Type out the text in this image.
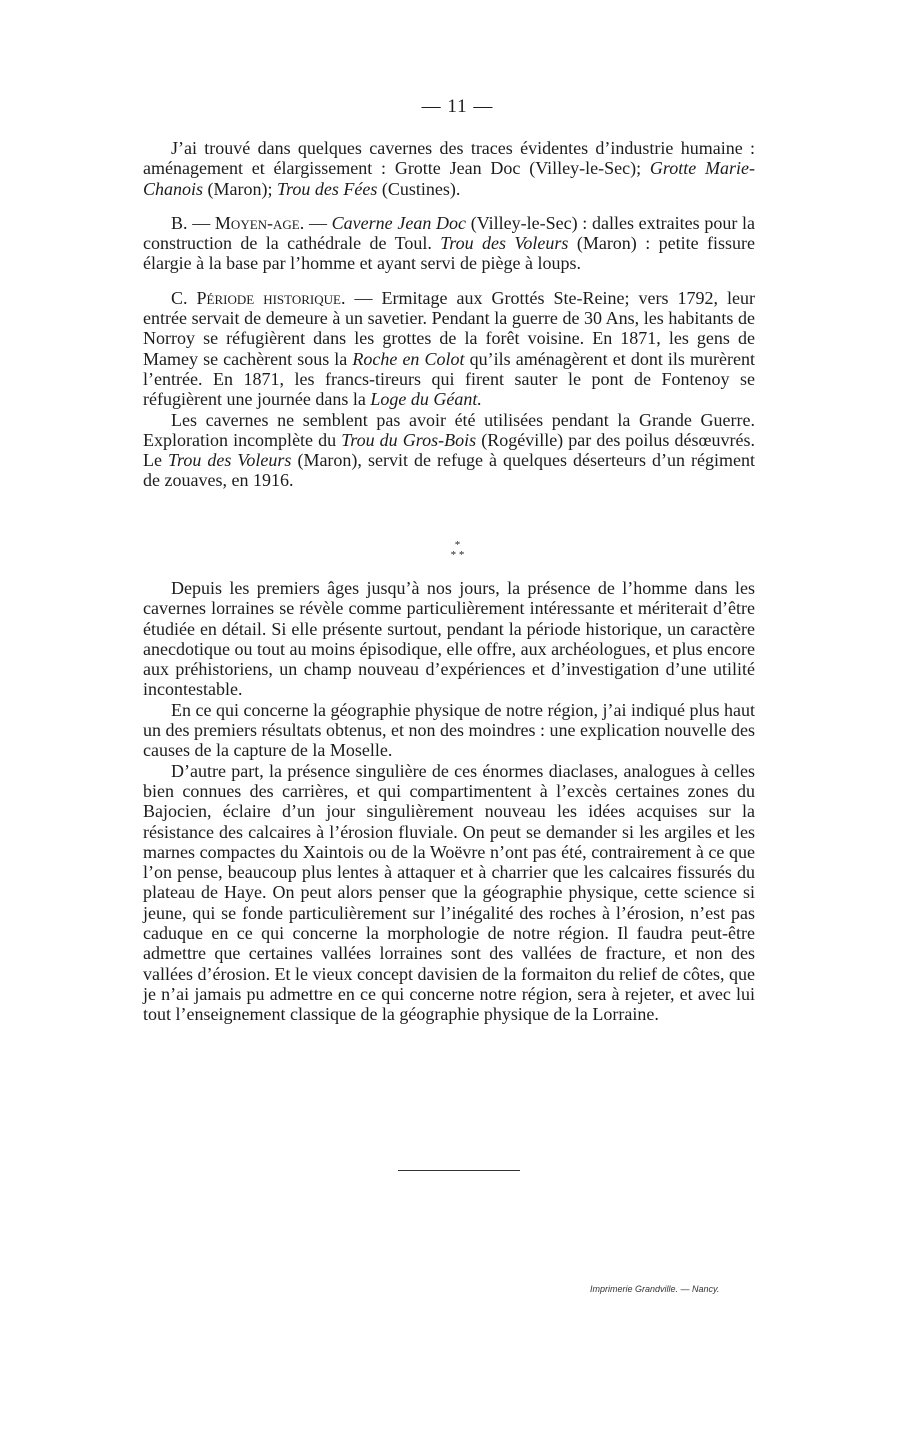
— 11 —

J’ai trouvé dans quelques cavernes des traces évidentes d’industrie humaine : aménagement et élargissement : Grotte Jean Doc (Villey-le-Sec); Grotte Marie-Chanois (Maron); Trou des Fées (Custines).

B. — Moyen-age. — Caverne Jean Doc (Villey-le-Sec) : dalles extraites pour la construction de la cathédrale de Toul. Trou des Voleurs (Maron) : petite fissure élargie à la base par l’homme et ayant servi de piège à loups.

C. Période historique. — Ermitage aux Grottés Ste-Reine; vers 1792, leur entrée servait de demeure à un savetier. Pendant la guerre de 30 Ans, les habitants de Norroy se réfugièrent dans les grottes de la forêt voisine. En 1871, les gens de Mamey se cachèrent sous la Roche en Colot qu’ils aménagèrent et dont ils murèrent l’entrée. En 1871, les francs-tireurs qui firent sauter le pont de Fontenoy se réfugièrent une journée dans la Loge du Géant.

Les cavernes ne semblent pas avoir été utilisées pendant la Grande Guerre. Exploration incomplète du Trou du Gros-Bois (Rogéville) par des poilus désœuvrés. Le Trou des Voleurs (Maron), servit de refuge à quelques déserteurs d’un régiment de zouaves, en 1916.

*
* *

Depuis les premiers âges jusqu’à nos jours, la présence de l’homme dans les cavernes lorraines se révèle comme particulièrement intéressante et mériterait d’être étudiée en détail. Si elle présente surtout, pendant la période historique, un caractère anecdotique ou tout au moins épisodique, elle offre, aux archéologues, et plus encore aux préhistoriens, un champ nouveau d’expériences et d’investigation d’une utilité incontestable.

En ce qui concerne la géographie physique de notre région, j’ai indiqué plus haut un des premiers résultats obtenus, et non des moindres : une explication nouvelle des causes de la capture de la Moselle.

D’autre part, la présence singulière de ces énormes diaclases, analogues à celles bien connues des carrières, et qui compartimentent à l’excès certaines zones du Bajocien, éclaire d’un jour singulièrement nouveau les idées acquises sur la résistance des calcaires à l’érosion fluviale. On peut se demander si les argiles et les marnes compactes du Xaintois ou de la Woëvre n’ont pas été, contrairement à ce que l’on pense, beaucoup plus lentes à attaquer et à charrier que les calcaires fissurés du plateau de Haye. On peut alors penser que la géographie physique, cette science si jeune, qui se fonde particulièrement sur l’inégalité des roches à l’érosion, n’est pas caduque en ce qui concerne la morphologie de notre région. Il faudra peut-être admettre que certaines vallées lorraines sont des vallées de fracture, et non des vallées d’érosion. Et le vieux concept davisien de la formaiton du relief de côtes, que je n’ai jamais pu admettre en ce qui concerne notre région, sera à rejeter, et avec lui tout l’enseignement classique de la géographie physique de la Lorraine.

Imprimerie Grandville. — Nancy.
